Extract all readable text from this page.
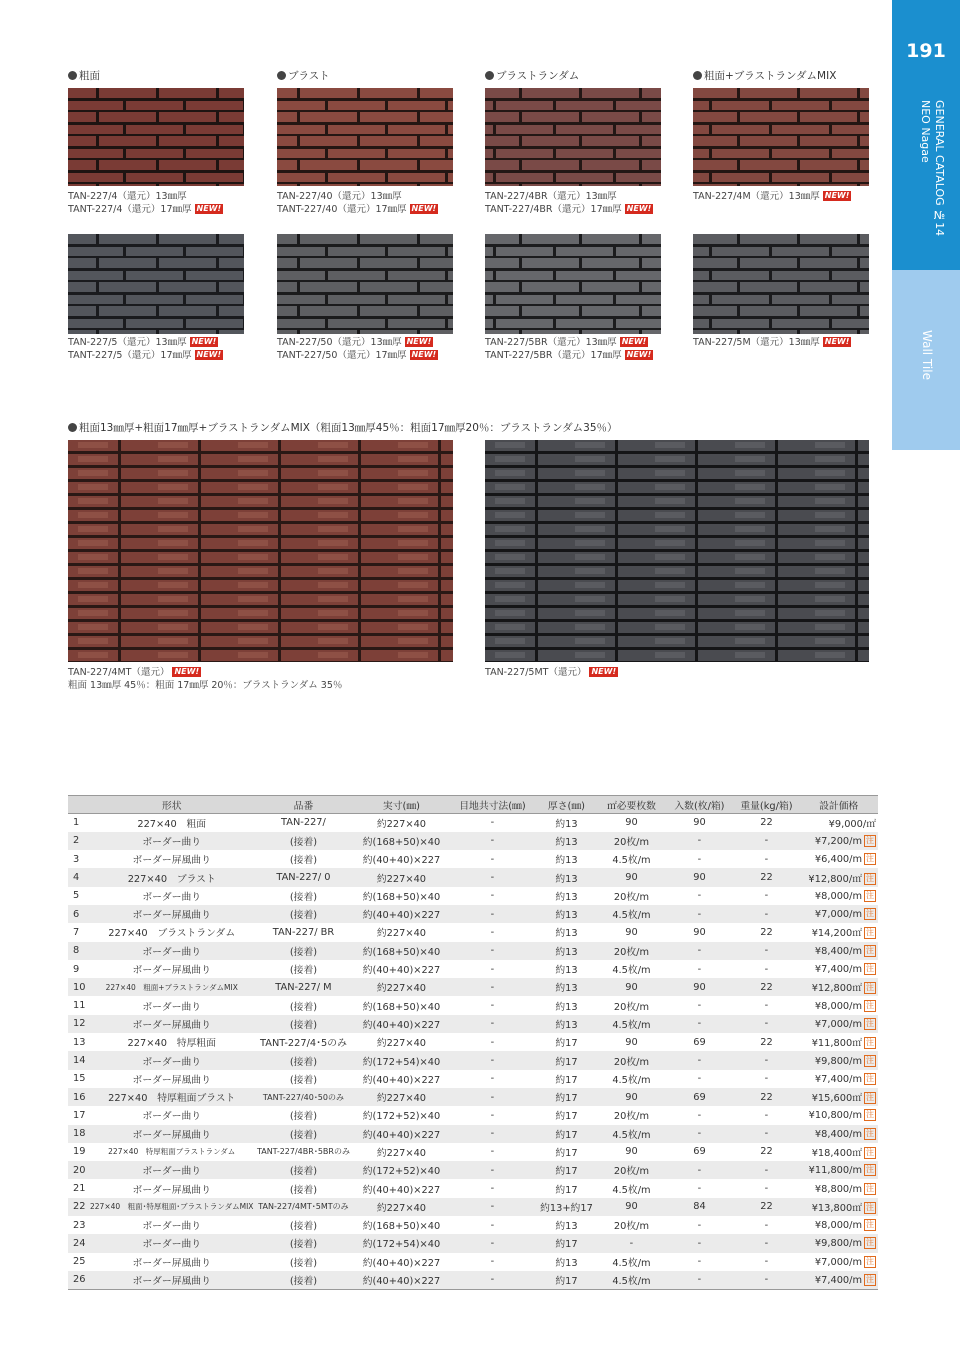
191
NEO Nagae GENERAL CATALOG №14
Wall Tile
粗面	ブラスト	ブラストランダム	粗面+ブラストランダムMIX
TAN-227/4（還元）13㎜厚
TANT-227/4（還元）17㎜厚 NEW!
TAN-227/40（還元）13㎜厚
TANT-227/40（還元）17㎜厚 NEW!
TAN-227/4BR（還元）13㎜厚
TANT-227/4BR（還元）17㎜厚 NEW!
TAN-227/4M（還元）13㎜厚 NEW!
TAN-227/5（還元）13㎜厚 NEW!
TANT-227/5（還元）17㎜厚 NEW!
TAN-227/50（還元）13㎜厚 NEW!
TANT-227/50（還元）17㎜厚 NEW!
TAN-227/5BR（還元）13㎜厚 NEW!
TANT-227/5BR（還元）17㎜厚 NEW!
TAN-227/5M（還元）13㎜厚 NEW!
粗面13㎜厚+粗面17㎜厚+ブラストランダムMIX（粗面13㎜厚45％：粗面17㎜厚20％：ブラストランダム35％）
TAN-227/4MT（還元） NEW!
粗面 13㎜厚 45％：粗面 17㎜厚 20％：ブラストランダム 35％
TAN-227/5MT（還元） NEW!
	形状	品番	実寸(㎜)	目地共寸法(㎜)	厚さ(㎜)	㎡必要枚数	入数(枚/箱)	重量(kg/箱)	設計価格
1	227×40　粗面	TAN-227/	約227×40	-	約13	90	90	22	¥9,000/㎡
2	ボーダー曲り	(接着)	約(168+50)×40	-	約13	20枚/m	-	-	¥7,200/m 注
3	ボーダー屏風曲り	(接着)	約(40+40)×227	-	約13	4.5枚/m	-	-	¥6,400/m 注
4	227×40　ブラスト	TAN-227/ 0	約227×40	-	約13	90	90	22	¥12,800/㎡ 注
5	ボーダー曲り	(接着)	約(168+50)×40	-	約13	20枚/m	-	-	¥8,000/m 注
6	ボーダー屏風曲り	(接着)	約(40+40)×227	-	約13	4.5枚/m	-	-	¥7,000/m 注
7	227×40　ブラストランダム	TAN-227/ BR	約227×40	-	約13	90	90	22	¥14,200㎡ 注
8	ボーダー曲り	(接着)	約(168+50)×40	-	約13	20枚/m	-	-	¥8,400/m 注
9	ボーダー屏風曲り	(接着)	約(40+40)×227	-	約13	4.5枚/m	-	-	¥7,400/m 注
10	227×40　粗面+ブラストランダムMIX	TAN-227/ M	約227×40	-	約13	90	90	22	¥12,800㎡ 注
11	ボーダー曲り	(接着)	約(168+50)×40	-	約13	20枚/m	-	-	¥8,000/m 注
12	ボーダー屏風曲り	(接着)	約(40+40)×227	-	約13	4.5枚/m	-	-	¥7,000/m 注
13	227×40　特厚粗面	TANT-227/4･5のみ	約227×40	-	約17	90	69	22	¥11,800㎡ 注
14	ボーダー曲り	(接着)	約(172+54)×40	-	約17	20枚/m	-	-	¥9,800/m 注
15	ボーダー屏風曲り	(接着)	約(40+40)×227	-	約17	4.5枚/m	-	-	¥7,400/m 注
16	227×40　特厚粗面ブラスト	TANT-227/40･50のみ	約227×40	-	約17	90	69	22	¥15,600㎡ 注
17	ボーダー曲り	(接着)	約(172+52)×40	-	約17	20枚/m	-	-	¥10,800/m 注
18	ボーダー屏風曲り	(接着)	約(40+40)×227	-	約17	4.5枚/m	-	-	¥8,400/m 注
19	227×40　特厚粗面ブラストランダム	TANT-227/4BR･5BRのみ	約227×40	-	約17	90	69	22	¥18,400㎡ 注
20	ボーダー曲り	(接着)	約(172+52)×40	-	約17	20枚/m	-	-	¥11,800/m 注
21	ボーダー屏風曲り	(接着)	約(40+40)×227	-	約17	4.5枚/m	-	-	¥8,800/m 注
22	227×40　粗面･特厚粗面･ブラストランダムMIX	TAN-227/4MT･5MTのみ	約227×40	-	約13+約17	90	84	22	¥13,800㎡ 注
23	ボーダー曲り	(接着)	約(168+50)×40	-	約13	20枚/m	-	-	¥8,000/m 注
24	ボーダー曲り	(接着)	約(172+54)×40	-	約17	-	-	-	¥9,800/m 注
25	ボーダー屏風曲り	(接着)	約(40+40)×227	-	約13	4.5枚/m	-	-	¥7,000/m 注
26	ボーダー屏風曲り	(接着)	約(40+40)×227	-	約17	4.5枚/m	-	-	¥7,400/m 注
